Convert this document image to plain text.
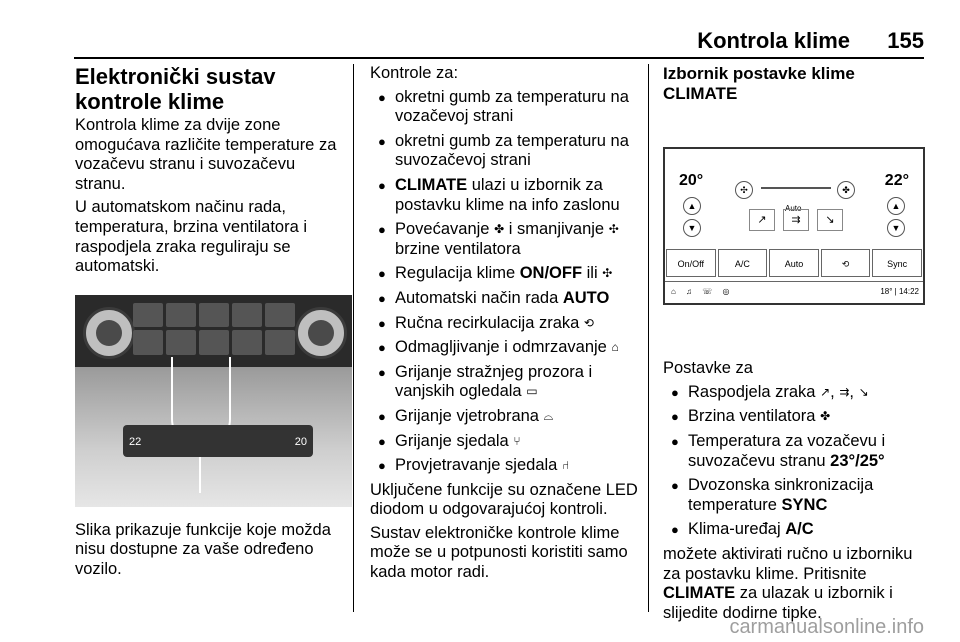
Kontrola klime 155
Elektronički sustav kontrole klime

Kontrola klime za dvije zone omogućava različite temperature za vozačevu stranu i suvozačevu stranu.

U automatskom načinu rada, temperatura, brzina ventilatora i raspodjela zraka reguliraju se automatski.

22	20

Slika prikazuje funkcije koje možda nisu dostupne za vaše određeno vozilo.

Kontrole za:

● okretni gumb za temperaturu na vozačevoj strani
● okretni gumb za temperaturu na suvozačevoj strani
● CLIMATE ulazi u izbornik za postavku klime na info zaslonu
● Povećavanje ✤ i smanjivanje ✣
brzine ventilatora
● Regulacija klime ON/OFF ili ✣
● Automatski način rada AUTO
● Ručna recirkulacija zraka ⟲
● Odmagljivanje i odmrzavanje ⌂
● Grijanje stražnjeg prozora i vanjskih ogledala ▭
● Grijanje vjetrobrana ⌓
● Grijanje sjedala ⑂
● Provjetravanje sjedala ⑁

Uključene funkcije su označene LED diodom u odgovarajućoj kontroli.

Sustav elektroničke kontrole klime može se u potpunosti koristiti samo kada motor radi.

Izbornik postavke klime
CLIMATE
20°	22°
▲
▼
▲
▼
✣	✤
Auto
↗	⇉	↘
On/Off	A/C	Auto	⟲	Sync
⌂ ♫ ☏ ◎	18° | 14:22

Postavke za

● Raspodjela zraka ↗, ⇉, ↘
● Brzina ventilatora ✤
● Temperatura za vozačevu i suvozačevu stranu 23°/25°
● Dvozonska sinkronizacija temperature SYNC
● Klima-uređaj A/C

možete aktivirati ručno u izborniku za postavku klime. Pritisnite CLIMATE za ulazak u izbornik i slijedite dodirne tipke.

carmanualsonline.info
